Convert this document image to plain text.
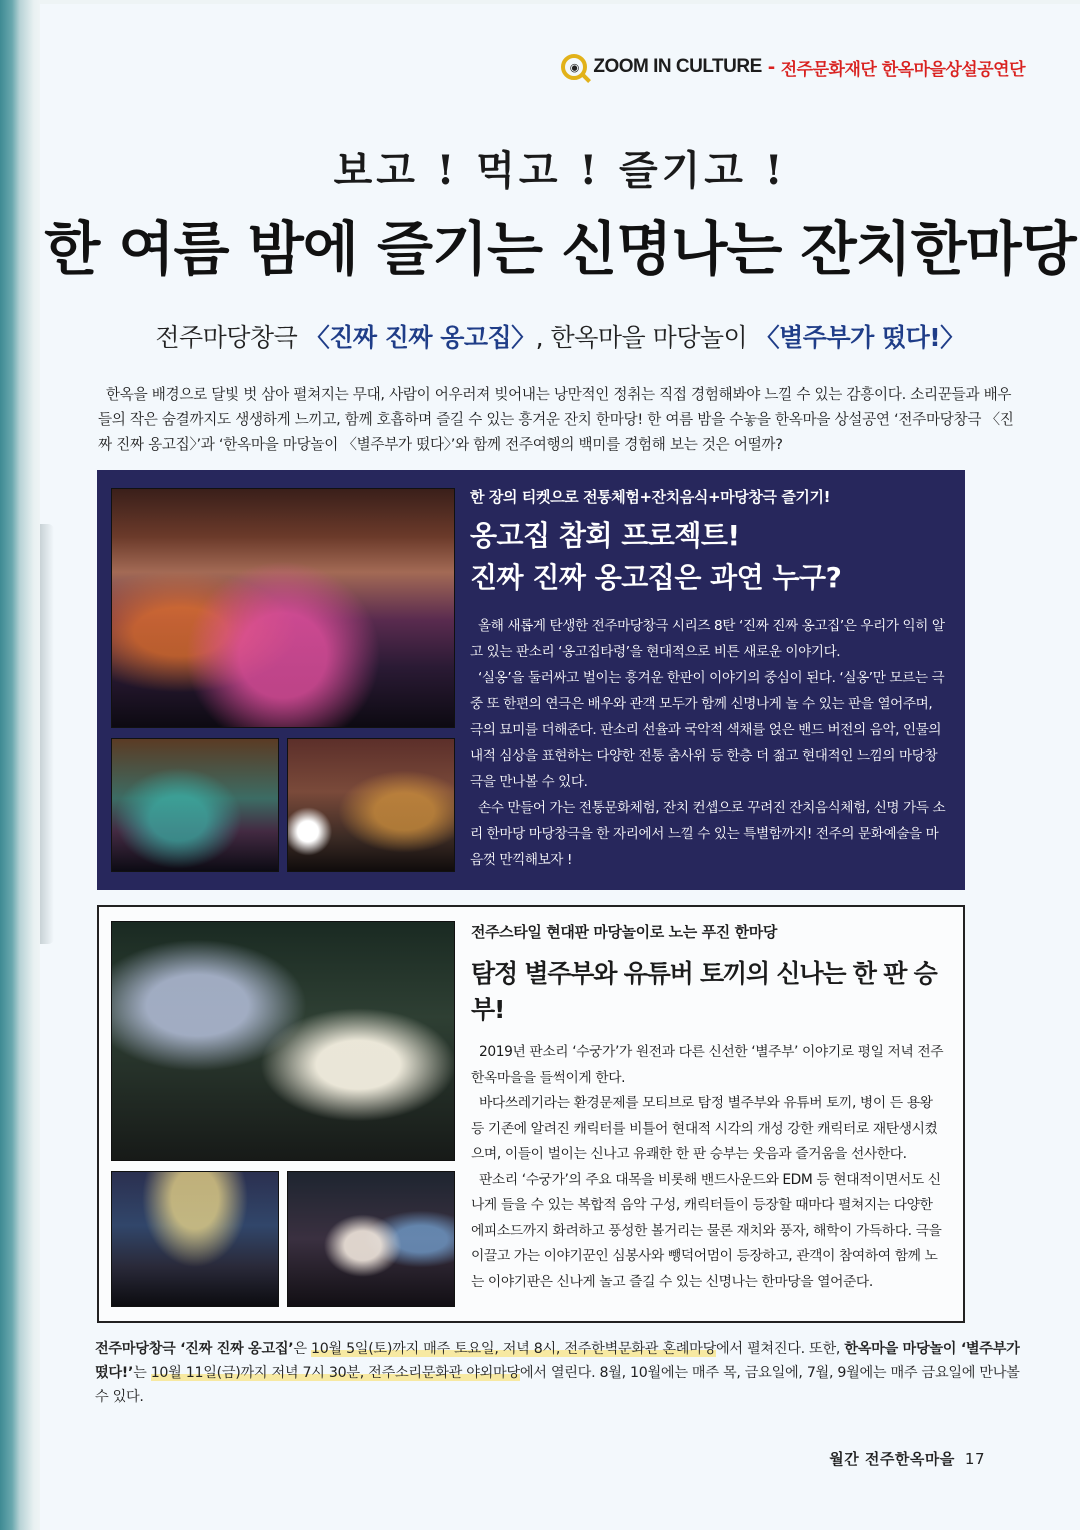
◉ ZOOM IN CULTURE - 전주문화재단 한옥마을상설공연단
보고 ! 먹고 ! 즐기고 !
한 여름 밤에 즐기는 신명나는 잔치한마당
전주마당창극 〈진짜 진짜 옹고집〉, 한옥마을 마당놀이 〈별주부가 떴다!〉
한옥을 배경으로 달빛 벗 삼아 펼쳐지는 무대, 사람이 어우러져 빚어내는 낭만적인 정취는 직접 경험해봐야 느낄 수 있는 감흥이다. 소리꾼들과 배우들의 작은 숨결까지도 생생하게 느끼고, 함께 호흡하며 즐길 수 있는 흥겨운 잔치 한마당! 한 여름 밤을 수놓을 한옥마을 상설공연 ‘전주마당창극 〈진짜 진짜 옹고집〉’과 ‘한옥마을 마당놀이 〈별주부가 떴다〉’와 함께 전주여행의 백미를 경험해 보는 것은 어떨까?
한 장의 티켓으로 전통체험+잔치음식+마당창극 즐기기!
옹고집 참회 프로젝트!
진짜 진짜 옹고집은 과연 누구?

올해 새롭게 탄생한 전주마당창극 시리즈 8탄 ‘진짜 진짜 옹고집’은 우리가 익히 알고 있는 판소리 ‘옹고집타령’을 현대적으로 비튼 새로운 이야기다.

‘실옹’을 둘러싸고 벌이는 흥겨운 한판이 이야기의 중심이 된다. ‘실옹’만 모르는 극중 또 한편의 연극은 배우와 관객 모두가 함께 신명나게 놀 수 있는 판을 열어주며, 극의 묘미를 더해준다. 판소리 선율과 국악적 색채를 얹은 밴드 버전의 음악, 인물의 내적 심상을 표현하는 다양한 전통 춤사위 등 한층 더 젊고 현대적인 느낌의 마당창극을 만나볼 수 있다.

손수 만들어 가는 전통문화체험, 잔치 컨셉으로 꾸려진 잔치음식체험, 신명 가득 소리 한마당 마당창극을 한 자리에서 느낄 수 있는 특별함까지! 전주의 문화예술을 마음껏 만끽해보자 !

전주스타일 현대판 마당놀이로 노는 푸진 한마당
탐정 별주부와 유튜버 토끼의 신나는 한 판 승부!

2019년 판소리 ‘수궁가’가 원전과 다른 신선한 ‘별주부’ 이야기로 평일 저녁 전주한옥마을을 들썩이게 한다.

바다쓰레기라는 환경문제를 모티브로 탐정 별주부와 유튜버 토끼, 병이 든 용왕 등 기존에 알려진 캐릭터를 비틀어 현대적 시각의 개성 강한 캐릭터로 재탄생시켰으며, 이들이 벌이는 신나고 유쾌한 한 판 승부는 웃음과 즐거움을 선사한다.

판소리 ‘수궁가’의 주요 대목을 비롯해 밴드사운드와 EDM 등 현대적이면서도 신나게 들을 수 있는 복합적 음악 구성, 캐릭터들이 등장할 때마다 펼쳐지는 다양한 에피소드까지 화려하고 풍성한 볼거리는 물론 재치와 풍자, 해학이 가득하다. 극을 이끌고 가는 이야기꾼인 심봉사와 뺑덕어멈이 등장하고, 관객이 참여하여 함께 노는 이야기판은 신나게 놀고 즐길 수 있는 신명나는 한마당을 열어준다.

전주마당창극 ‘진짜 진짜 옹고집’은 10월 5일(토)까지 매주 토요일, 저녁 8시, 전주한벽문화관 혼례마당에서 펼쳐진다. 또한, 한옥마을 마당놀이 ‘별주부가 떴다!’는 10월 11일(금)까지 저녁 7시 30분, 전주소리문화관 야외마당에서 열린다. 8월, 10월에는 매주 목, 금요일에, 7월, 9월에는 매주 금요일에 만나볼 수 있다.
월간 전주한옥마을 17
